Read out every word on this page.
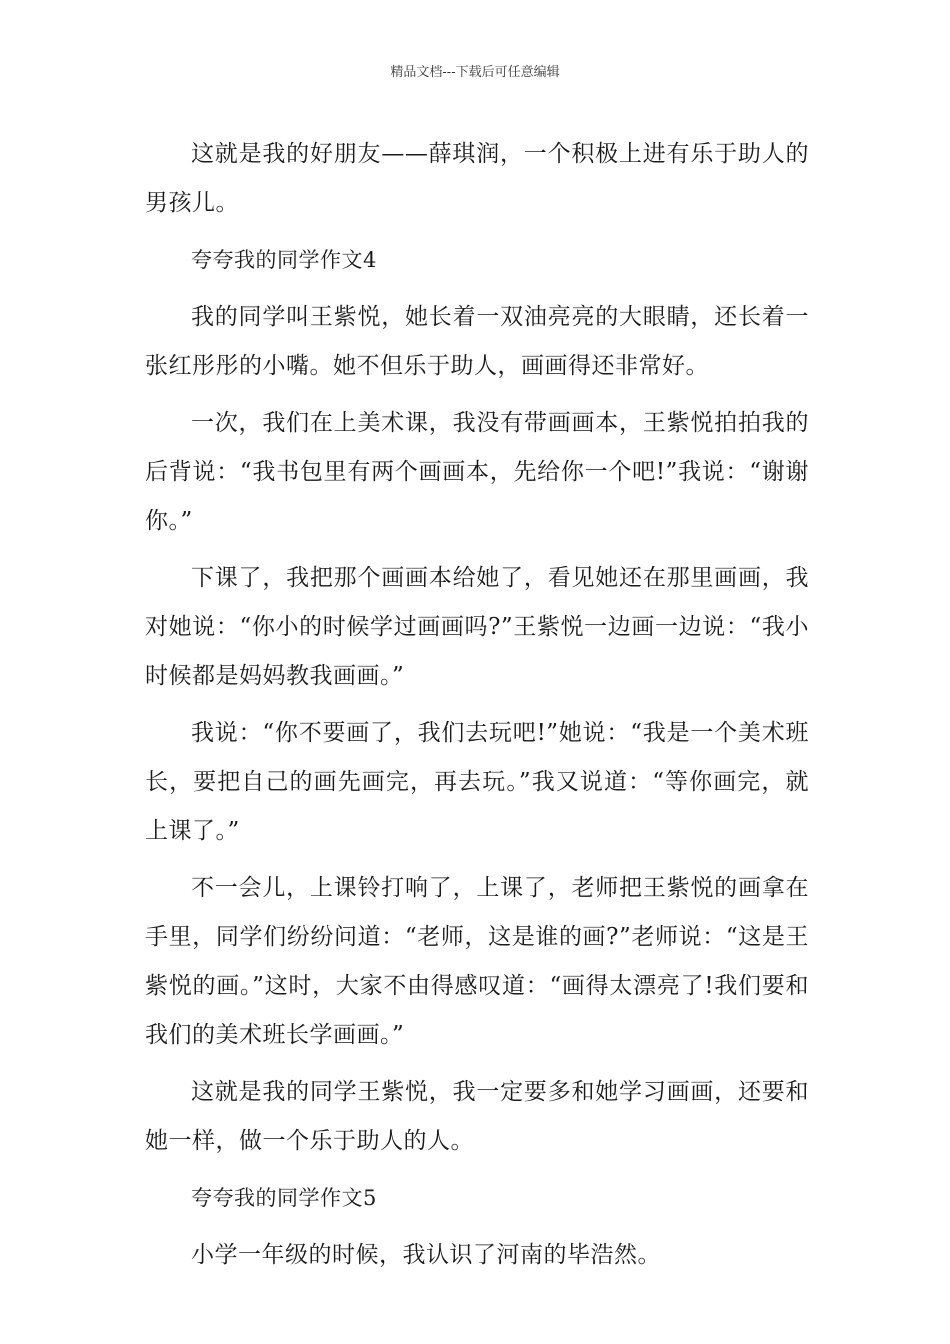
精品文档---下载后可任意编辑

这就是我的好朋友——薛琪润，一个积极上进有乐于助人的男孩儿。

夸夸我的同学作文4

我的同学叫王紫悦，她长着一双油亮亮的大眼睛，还长着一张红彤彤的小嘴。她不但乐于助人，画画得还非常好。

一次，我们在上美术课，我没有带画画本，王紫悦拍拍我的后背说：“我书包里有两个画画本，先给你一个吧!”我说：“谢谢你。”

下课了，我把那个画画本给她了，看见她还在那里画画，我对她说：“你小的时候学过画画吗?”王紫悦一边画一边说：“我小时候都是妈妈教我画画。”

我说：“你不要画了，我们去玩吧!”她说：“我是一个美术班长，要把自己的画先画完，再去玩。”我又说道：“等你画完，就上课了。”

不一会儿，上课铃打响了，上课了，老师把王紫悦的画拿在手里，同学们纷纷问道：“老师，这是谁的画?”老师说：“这是王紫悦的画。”这时，大家不由得感叹道：“画得太漂亮了!我们要和我们的美术班长学画画。”

这就是我的同学王紫悦，我一定要多和她学习画画，还要和她一样，做一个乐于助人的人。

夸夸我的同学作文5

小学一年级的时候，我认识了河南的毕浩然。
